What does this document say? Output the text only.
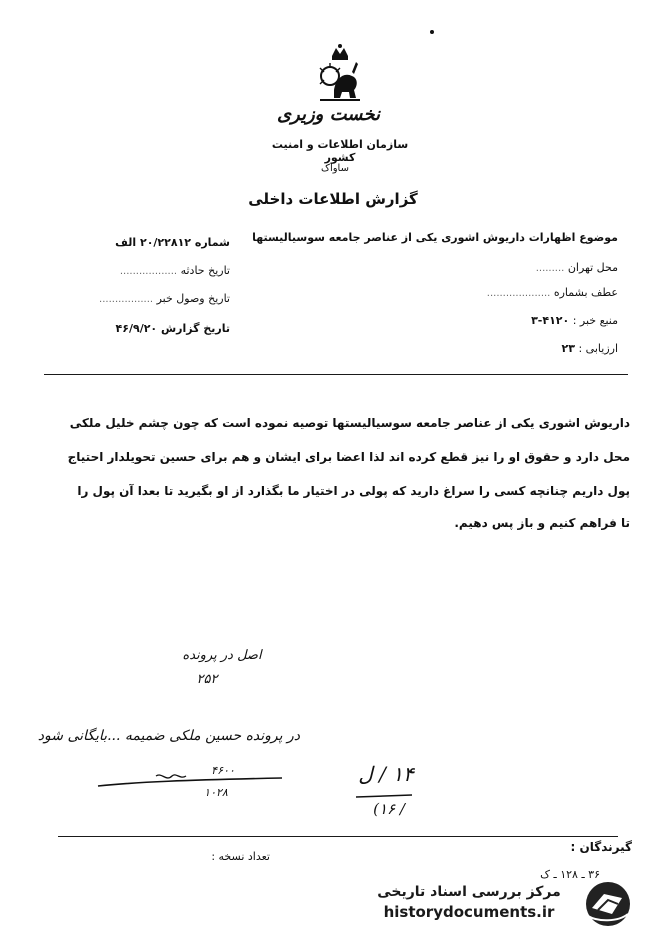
نخست وزیری
سازمان اطلاعات و امنیت کشور
ساواک
گزارش اطلاعات داخلی
موضوع اظهارات داریوش اشوری یکی از عناصر جامعه سوسیالیستها
محل تهران .........
عطف بشماره ....................
منبع خبر : ۴۱۲۰-۳
ارزیابی : ۲۳
شماره ۲۰/۲۲۸۱۲ الف
تاریخ حادثه ..................
تاریخ وصول خبر .................
تاریخ گزارش ۴۶/۹/۲۰
داریوش اشوری یکی از عناصر جامعه سوسیالیستها توصیه نموده است که چون چشم خلیل ملکی
محل دارد و حقوق او را نیز قطع کرده اند لذا اعضا برای ایشان و هم برای حسین تحویلدار احتیاج
پول داریم چنانچه کسی را سراغ دارید که پولی در اختیار ما بگذارد از او بگیرید تا بعدا آن پول را
تا فراهم کنیم و باز پس دهیم.
اصل در پرونده
۲۵۲
در پرونده حسین ملکی ضمیمه ...بایگانی شود
۴۶۰۰
۱۰۲۸
۱۴ / ل
(۱۶ /
گیرندگان :
تعداد نسخه :
۳۶ ـ ۱۲۸ ـ ک
مرکز بررسی اسناد تاریخی
historydocuments.ir
